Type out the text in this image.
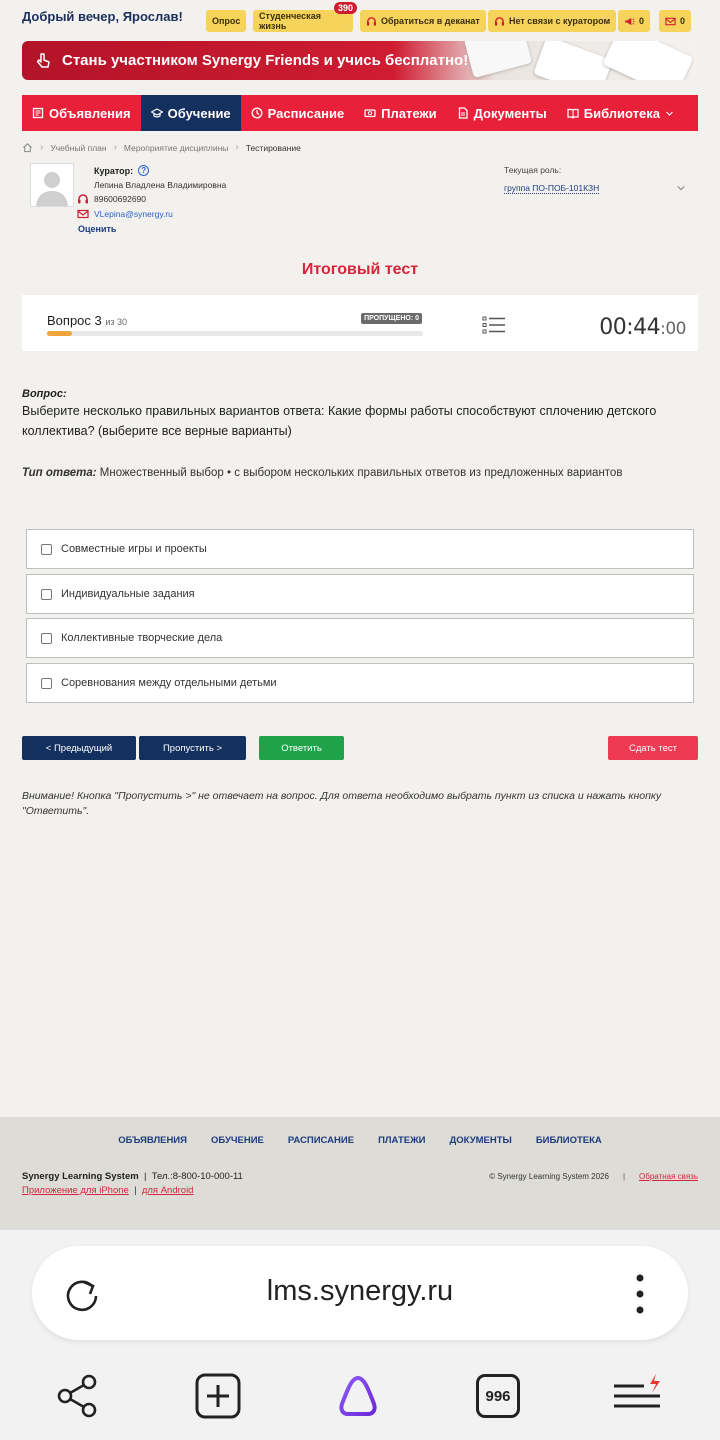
Добрый вечер, Ярослав!	Опрос Студенческая жизнь
390
Обратиться в деканат	Нет связи с куратором	0	0
Стань участником Synergy Friends и учись бесплатно!
Объявления	Обучение	Расписание	Платежи	Документы	Библиотека
› Учебный план › Мероприятие дисциплины › Тестирование
Куратор:	?
Лепина Владлена Владимировна
89600692690
VLepina@synergy.ru
Оценить
Текущая роль:
группа ПО-ПОБ-101КЗН
Итоговый тест
Вопрос 3 из 30	ПРОПУЩЕНО: 0	00:44:00
Вопрос:
Выберите несколько правильных вариантов ответа: Какие формы работы способствуют сплочению детского коллектива? (выберите все верные варианты)
Тип ответа: Множественный выбор • с выбором нескольких правильных ответов из предложенных вариантов
Совместные игры и проекты
Индивидуальные задания
Коллективные творческие дела
Соревнования между отдельными детьми
< Предыдущий	Пропустить >	Ответить	Сдать тест
Внимание! Кнопка "Пропустить >" не отвечает на вопрос. Для ответа необходимо выбрать пункт из списка и нажать кнопку "Ответить".
ОБЪЯВЛЕНИЯ	ОБУЧЕНИЕ	РАСПИСАНИЕ	ПЛАТЕЖИ	ДОКУМЕНТЫ	БИБЛИОТЕКА
Synergy Learning System  |  Тел.:8-800-10-000-11
Приложение для iPhone  |  для Android
© Synergy Learning System 2026 | Обратная связь
lms.synergy.ru
996
